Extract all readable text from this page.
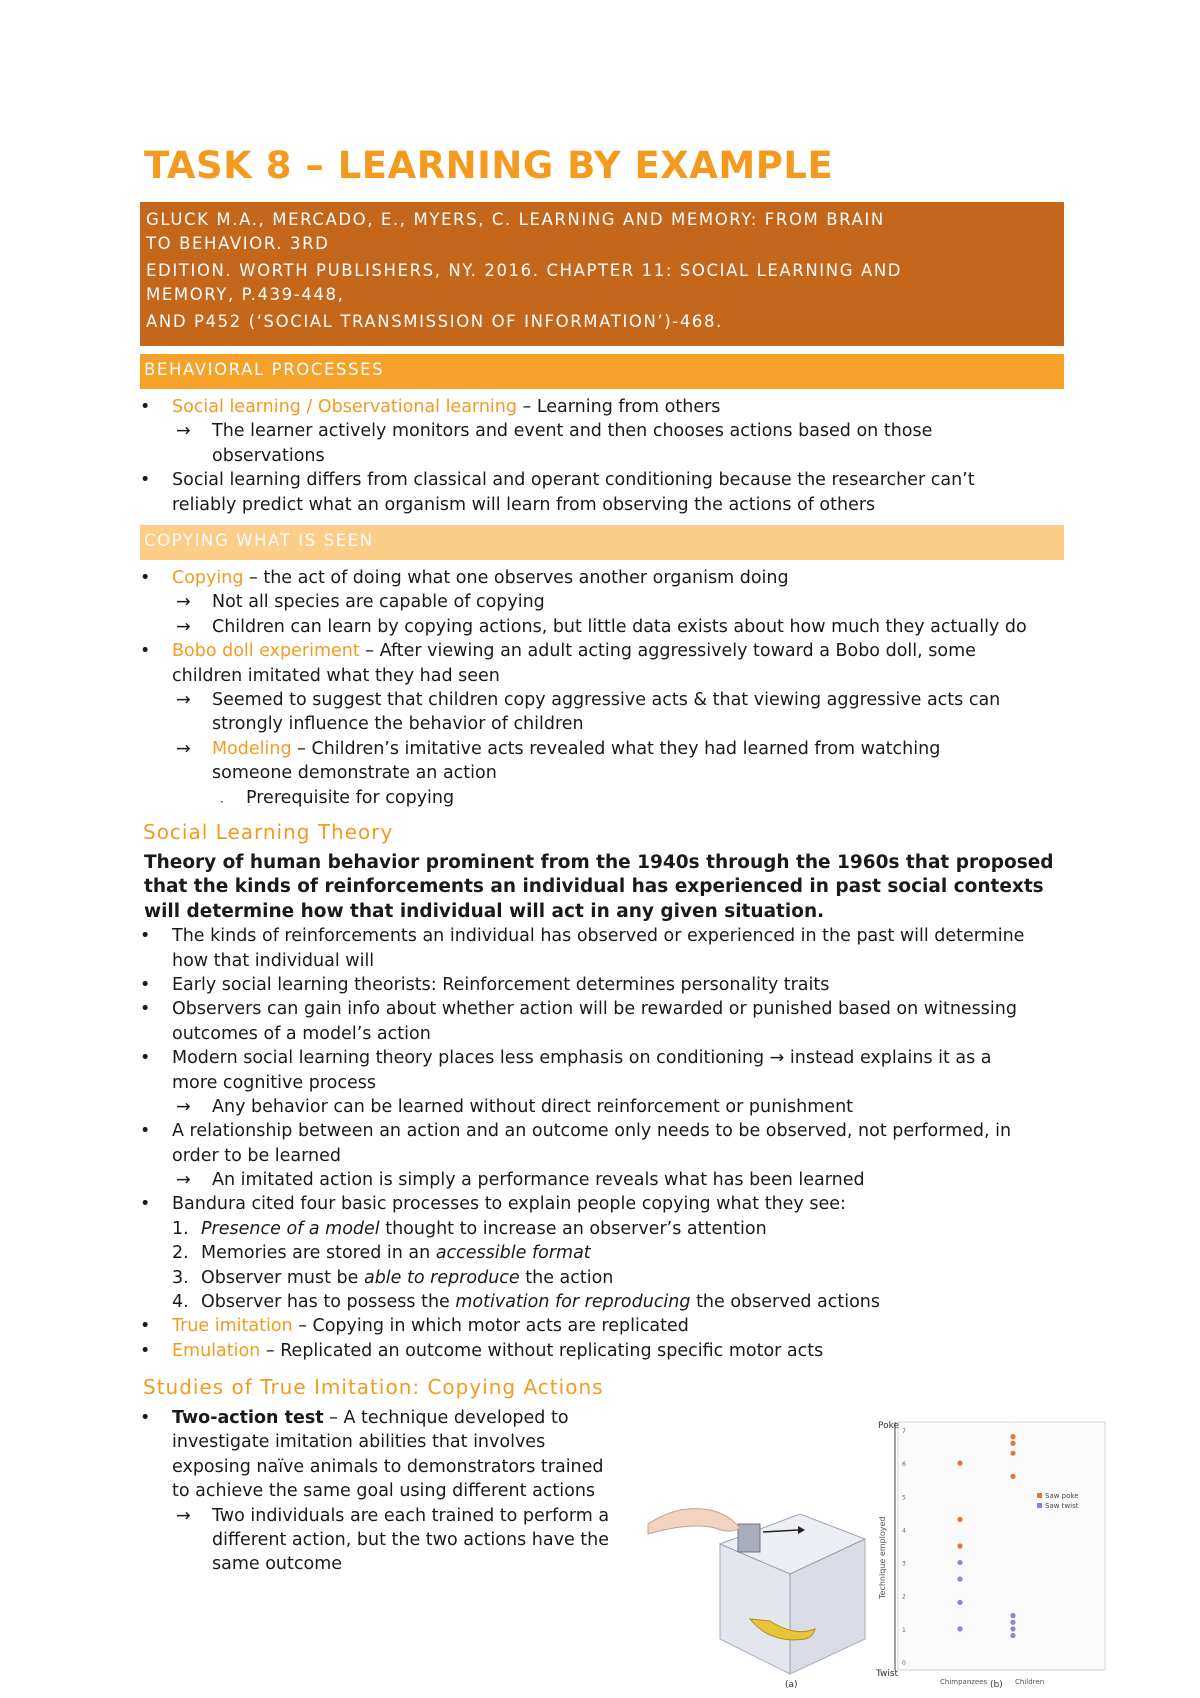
TASK 8 – LEARNING BY EXAMPLE
GLUCK M.A., MERCADO, E., MYERS, C. LEARNING AND MEMORY: FROM BRAIN
TO BEHAVIOR. 3RD
EDITION. WORTH PUBLISHERS, NY. 2016. CHAPTER 11: SOCIAL LEARNING AND
MEMORY, P.439-448,
AND P452 (‘SOCIAL TRANSMISSION OF INFORMATION’)-468.
BEHAVIORAL PROCESSES
• Social learning / Observational learning – Learning from others
→ The learner actively monitors and event and then chooses actions based on those
observations
• Social learning differs from classical and operant conditioning because the researcher can’t
reliably predict what an organism will learn from observing the actions of others
COPYING WHAT IS SEEN
• Copying – the act of doing what one observes another organism doing
→ Not all species are capable of copying
→ Children can learn by copying actions, but little data exists about how much they actually do
• Bobo doll experiment – After viewing an adult acting aggressively toward a Bobo doll, some
children imitated what they had seen
→ Seemed to suggest that children copy aggressive acts & that viewing aggressive acts can
strongly influence the behavior of children
→ Modeling – Children’s imitative acts revealed what they had learned from watching
someone demonstrate an action
· Prerequisite for copying
Social Learning Theory
Theory of human behavior prominent from the 1940s through the 1960s that proposed
that the kinds of reinforcements an individual has experienced in past social contexts
will determine how that individual will act in any given situation.
• The kinds of reinforcements an individual has observed or experienced in the past will determine
how that individual will
• Early social learning theorists: Reinforcement determines personality traits
• Observers can gain info about whether action will be rewarded or punished based on witnessing
outcomes of a model’s action
• Modern social learning theory places less emphasis on conditioning → instead explains it as a
more cognitive process
→ Any behavior can be learned without direct reinforcement or punishment
• A relationship between an action and an outcome only needs to be observed, not performed, in
order to be learned
→ An imitated action is simply a performance reveals what has been learned
• Bandura cited four basic processes to explain people copying what they see:
1. Presence of a model thought to increase an observer’s attention
2. Memories are stored in an accessible format
3. Observer must be able to reproduce the action
4. Observer has to possess the motivation for reproducing the observed actions
• True imitation – Copying in which motor acts are replicated
• Emulation – Replicated an outcome without replicating specific motor acts
Studies of True Imitation: Copying Actions
• Two-action test – A technique developed to
investigate imitation abilities that involves
exposing naïve animals to demonstrators trained
to achieve the same goal using different actions
→ Two individuals are each trained to perform a
different action, but the two actions have the
same outcome
(a)
Poke
Twist
Technique employed
Chimpanzees	Children
Saw poke
Saw twist
0
1
2
3
4
5
6
7
(b)
